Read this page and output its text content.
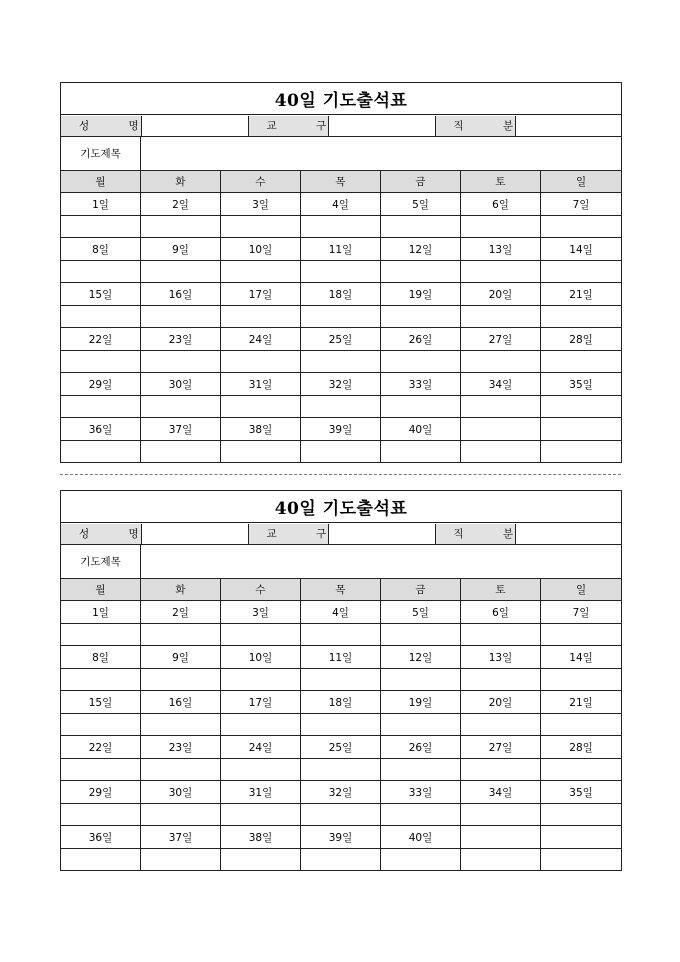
40일 기도출석표

성 명		교 구		직 분	

기도제목	
월	화	수	목	금	토	일
1일	2일	3일	4일	5일	6일	7일

8일	9일	10일	11일	12일	13일	14일

15일	16일	17일	18일	19일	20일	21일

22일	23일	24일	25일	26일	27일	28일

29일	30일	31일	32일	33일	34일	35일

36일	37일	38일	39일	40일		

40일 기도출석표

성 명		교 구		직 분	

기도제목	
월	화	수	목	금	토	일
1일	2일	3일	4일	5일	6일	7일

8일	9일	10일	11일	12일	13일	14일

15일	16일	17일	18일	19일	20일	21일

22일	23일	24일	25일	26일	27일	28일

29일	30일	31일	32일	33일	34일	35일

36일	37일	38일	39일	40일		
